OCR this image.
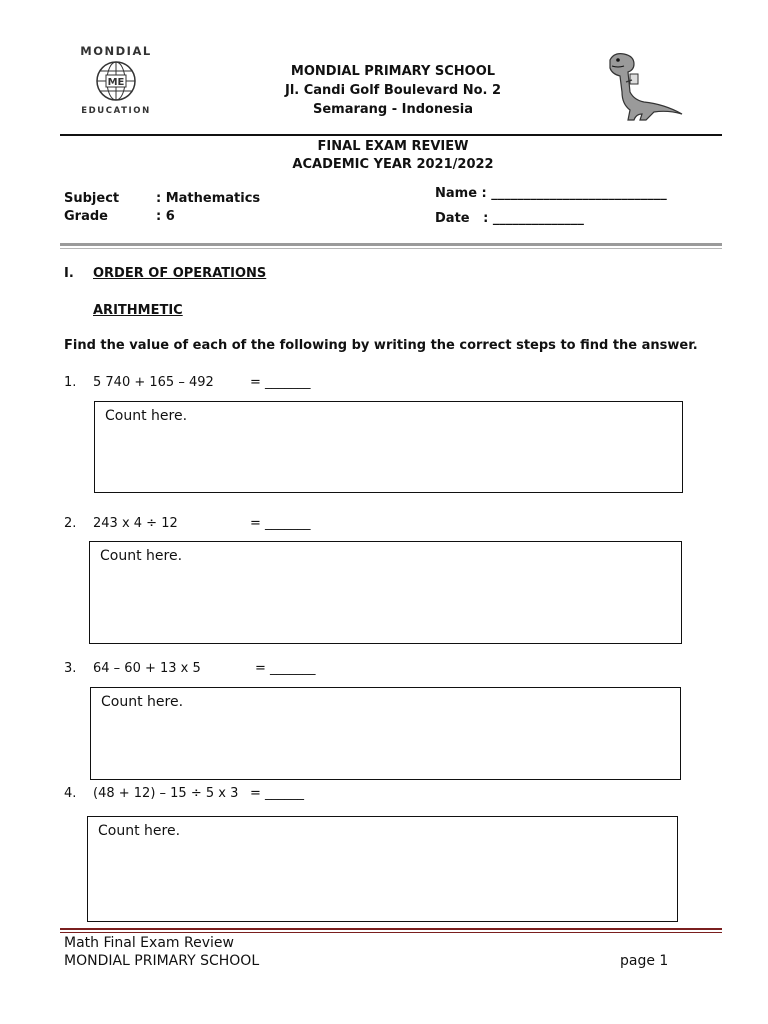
MONDIAL
ME
EDUCATION
MONDIAL PRIMARY SCHOOL
Jl. Candi Golf Boulevard No. 2
Semarang - Indonesia
FINAL EXAM REVIEW
ACADEMIC YEAR 2021/2022
Subject	: Mathematics
Grade	: 6
Name : ___________________________
Date   : ______________
I. ORDER OF OPERATIONS
ARITHMETIC
Find the value of each of the following by writing the correct steps to find the answer.
1. 5 740 + 165 – 492	= _______
Count here.
2. 243 x 4 ÷ 12	= _______
Count here.
3. 64 – 60 + 13 x 5	= _______
Count here.
4. (48 + 12) – 15 ÷ 5 x 3 = ______
Count here.
Math Final Exam Review
MONDIAL PRIMARY SCHOOL	page 1
